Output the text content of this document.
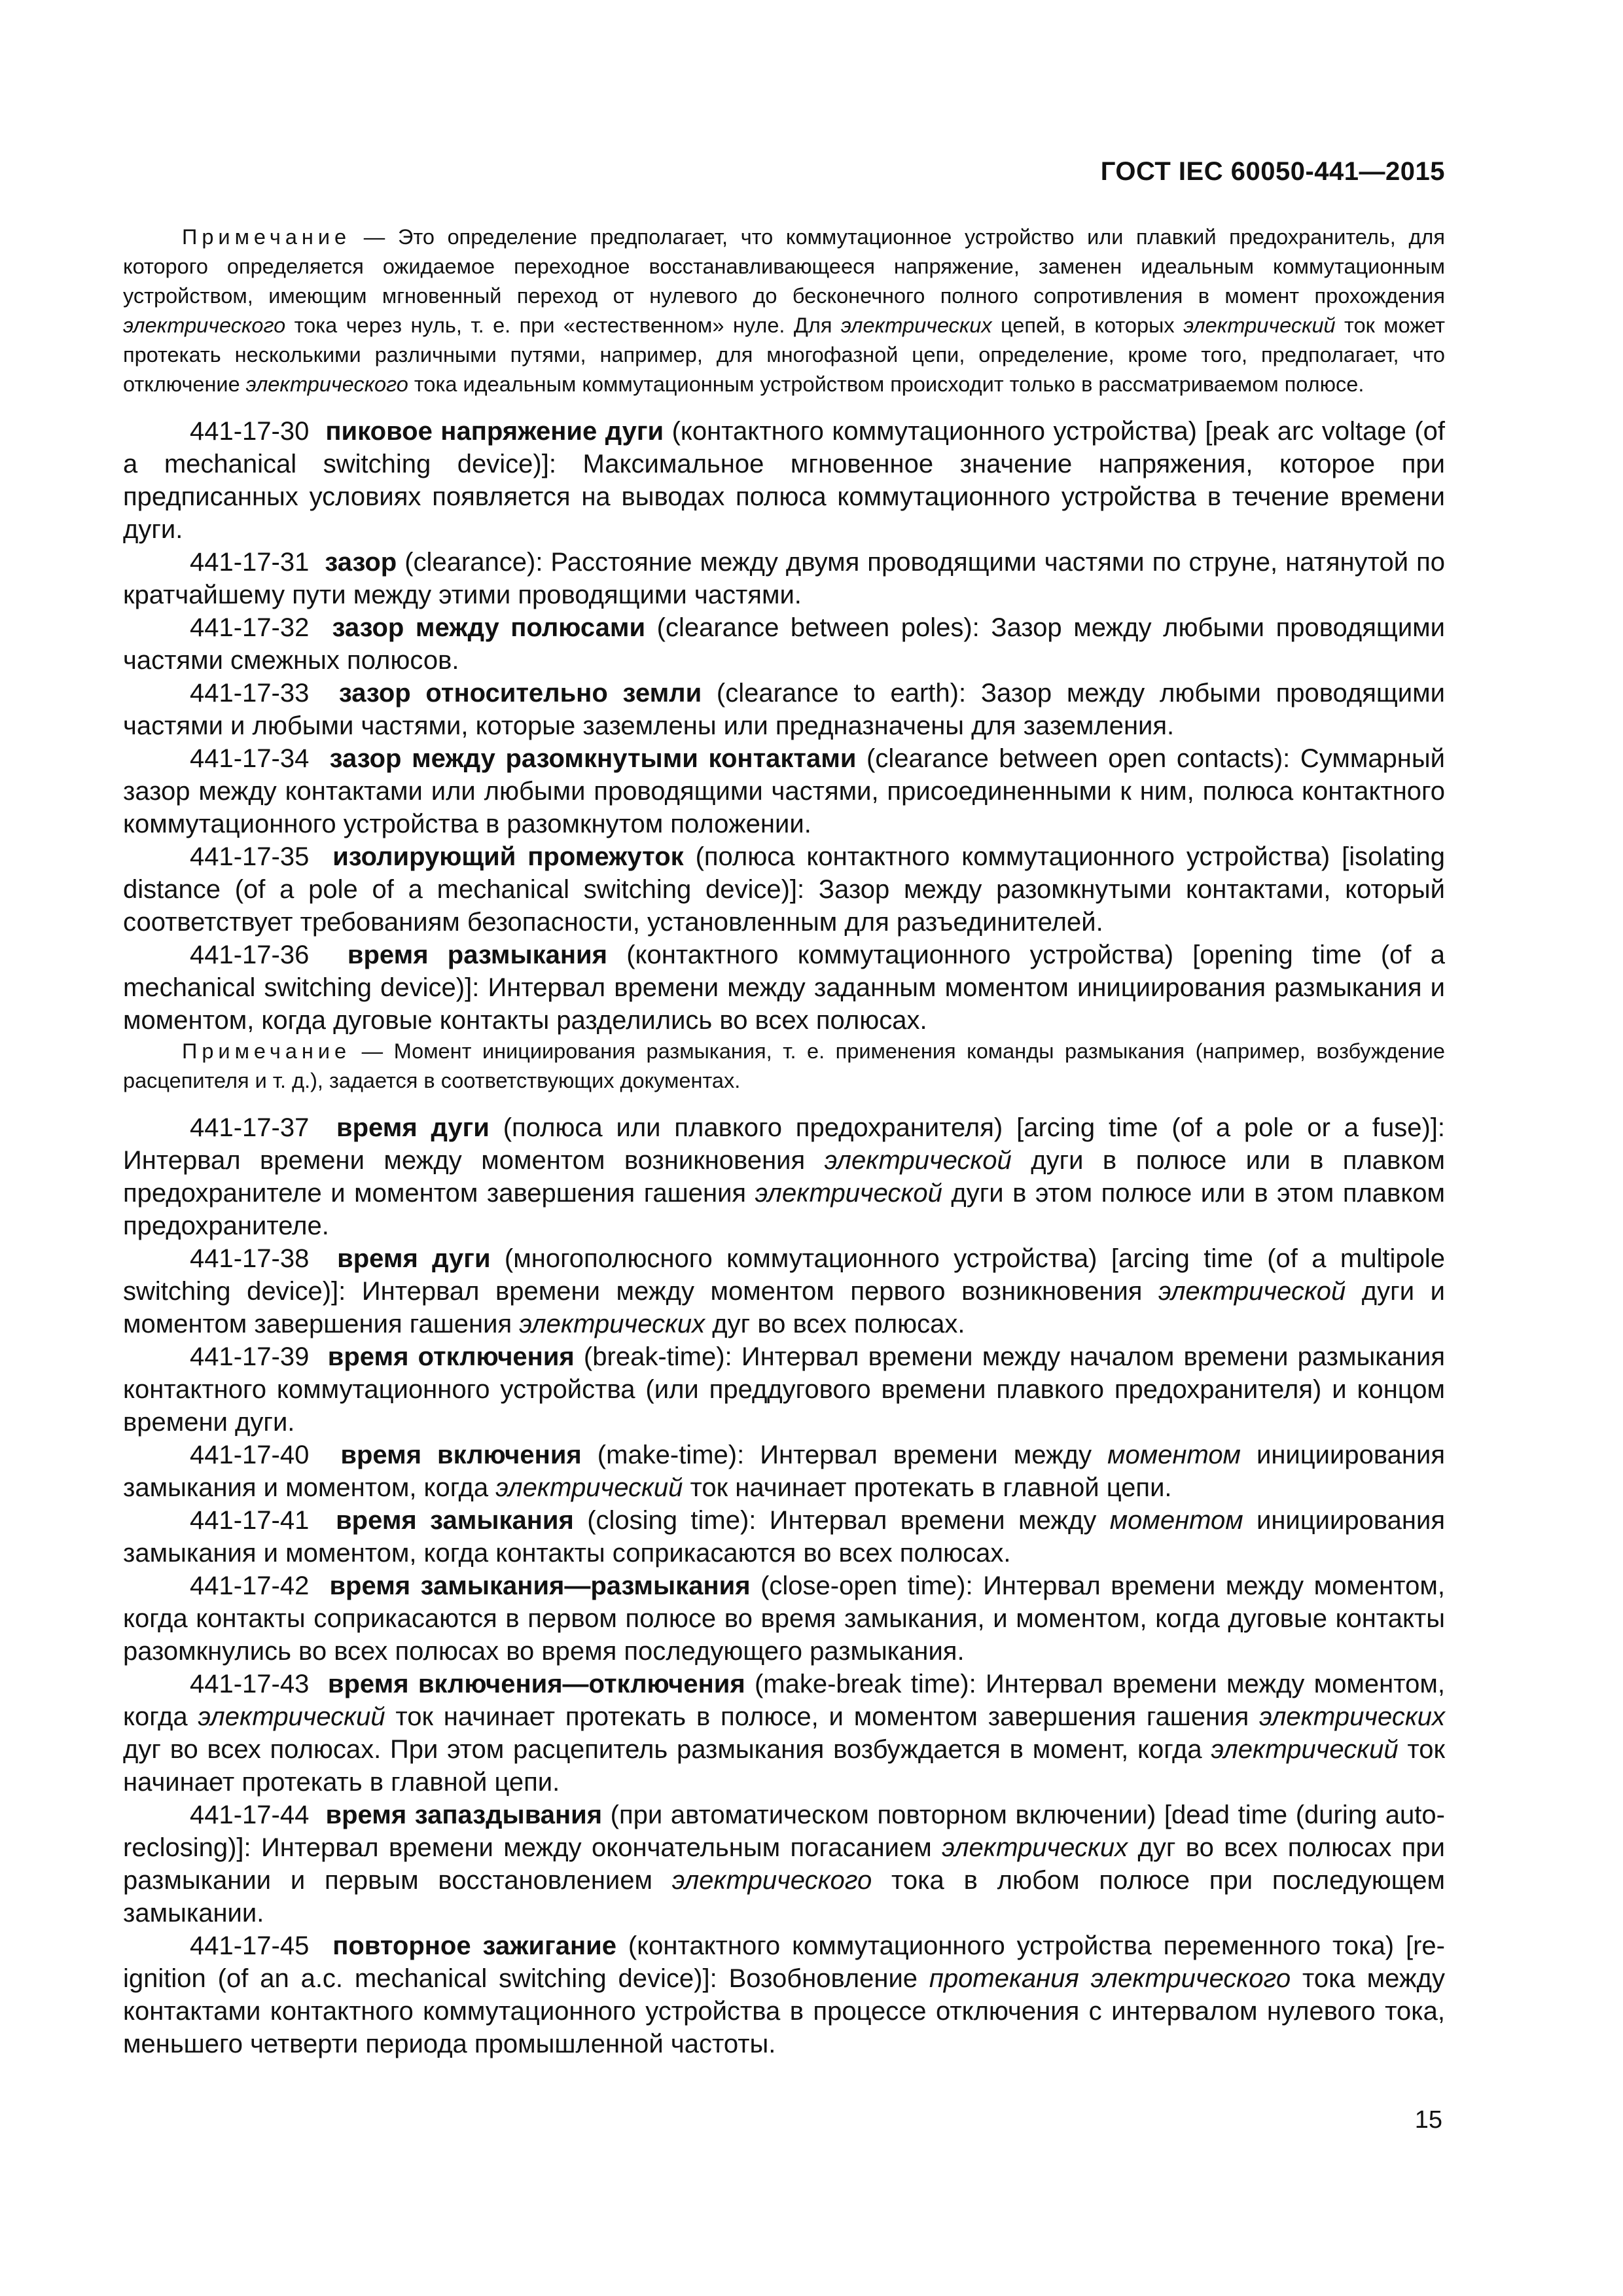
ГОСТ IEC 60050-441—2015

Примечание — Это определение предполагает, что коммутационное устройство или плавкий предохранитель, для которого определяется ожидаемое переходное восстанавливающееся напряжение, заменен идеальным коммутационным устройством, имеющим мгновенный переход от нулевого до бесконечного полного сопротивления в момент прохождения электрического тока через нуль, т. е. при «естественном» нуле. Для электрических цепей, в которых электрический ток может протекать несколькими различными путями, например, для многофазной цепи, определение, кроме того, предполагает, что отключение электрического тока идеальным коммутационным устройством происходит только в рассматриваемом полюсе.

441-17-30 пиковое напряжение дуги (контактного коммутационного устройства) [peak arc voltage (of a mechanical switching device)]: Максимальное мгновенное значение напряжения, которое при предписанных условиях появляется на выводах полюса коммутационного устройства в течение времени дуги.

441-17-31 зазор (clearance): Расстояние между двумя проводящими частями по струне, натянутой по кратчайшему пути между этими проводящими частями.

441-17-32 зазор между полюсами (clearance between poles): Зазор между любыми проводящими частями смежных полюсов.

441-17-33 зазор относительно земли (clearance to earth): Зазор между любыми проводящими частями и любыми частями, которые заземлены или предназначены для заземления.

441-17-34 зазор между разомкнутыми контактами (clearance between open contacts): Суммарный зазор между контактами или любыми проводящими частями, присоединенными к ним, полюса контактного коммутационного устройства в разомкнутом положении.

441-17-35 изолирующий промежуток (полюса контактного коммутационного устройства) [isolating distance (of a pole of a mechanical switching device)]: Зазор между разомкнутыми контактами, который соответствует требованиям безопасности, установленным для разъединителей.

441-17-36 время размыкания (контактного коммутационного устройства) [opening time (of a mechanical switching device)]: Интервал времени между заданным моментом инициирования размыкания и моментом, когда дуговые контакты разделились во всех полюсах.

Примечание — Момент инициирования размыкания, т. е. применения команды размыкания (например, возбуждение расцепителя и т. д.), задается в соответствующих документах.

441-17-37 время дуги (полюса или плавкого предохранителя) [arcing time (of a pole or a fuse)]: Интервал времени между моментом возникновения электрической дуги в полюсе или в плавком предохранителе и моментом завершения гашения электрической дуги в этом полюсе или в этом плавком предохранителе.

441-17-38 время дуги (многополюсного коммутационного устройства) [arcing time (of a multipole switching device)]: Интервал времени между моментом первого возникновения электрической дуги и моментом завершения гашения электрических дуг во всех полюсах.

441-17-39 время отключения (break-time): Интервал времени между началом времени размыкания контактного коммутационного устройства (или преддугового времени плавкого предохранителя) и концом времени дуги.

441-17-40 время включения (make-time): Интервал времени между моментом инициирования замыкания и моментом, когда электрический ток начинает протекать в главной цепи.

441-17-41 время замыкания (closing time): Интервал времени между моментом инициирования замыкания и моментом, когда контакты соприкасаются во всех полюсах.

441-17-42 время замыкания—размыкания (close-open time): Интервал времени между моментом, когда контакты соприкасаются в первом полюсе во время замыкания, и моментом, когда дуговые контакты разомкнулись во всех полюсах во время последующего размыкания.

441-17-43 время включения—отключения (make-break time): Интервал времени между моментом, когда электрический ток начинает протекать в полюсе, и моментом завершения гашения электрических дуг во всех полюсах. При этом расцепитель размыкания возбуждается в момент, когда электрический ток начинает протекать в главной цепи.

441-17-44 время запаздывания (при автоматическом повторном включении) [dead time (during auto-reclosing)]: Интервал времени между окончательным погасанием электрических дуг во всех полюсах при размыкании и первым восстановлением электрического тока в любом полюсе при последующем замыкании.

441-17-45 повторное зажигание (контактного коммутационного устройства переменного тока) [re-ignition (of an a.c. mechanical switching device)]: Возобновление протекания электрического тока между контактами контактного коммутационного устройства в процессе отключения с интервалом нулевого тока, меньшего четверти периода промышленной частоты.

15
